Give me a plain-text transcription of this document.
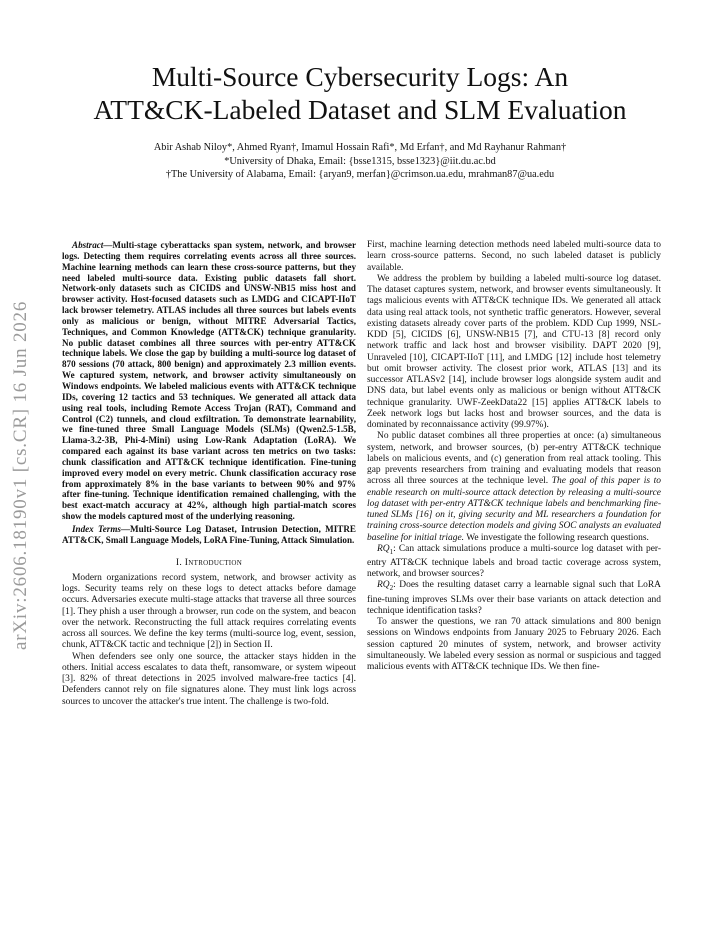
arXiv:2606.18190v1 [cs.CR] 16 Jun 2026
Multi-Source Cybersecurity Logs: An
ATT&CK-Labeled Dataset and SLM Evaluation
Abir Ashab Niloy*, Ahmed Ryan†, Imamul Hossain Rafi*, Md Erfan†, and Md Rayhanur Rahman†
*University of Dhaka, Email: {bsse1315, bsse1323}@iit.du.ac.bd
†The University of Alabama, Email: {aryan9, merfan}@crimson.ua.edu, mrahman87@ua.edu

Abstract—Multi-stage cyberattacks span system, network, and browser logs. Detecting them requires correlating events across all three sources. Machine learning methods can learn these cross-source patterns, but they need labeled multi-source data. Existing public datasets fall short. Network-only datasets such as CICIDS and UNSW-NB15 miss host and browser activity. Host-focused datasets such as LMDG and CICAPT-IIoT lack browser telemetry. ATLAS includes all three sources but labels events only as malicious or benign, without MITRE Adversarial Tactics, Techniques, and Common Knowledge (ATT&CK) technique granularity. No public dataset combines all three sources with per-entry ATT&CK technique labels. We close the gap by building a multi-source log dataset of 870 sessions (70 attack, 800 benign) and approximately 2.3 million events. We captured system, network, and browser activity simultaneously on Windows endpoints. We labeled malicious events with ATT&CK technique IDs, covering 12 tactics and 53 techniques. We generated all attack data using real tools, including Remote Access Trojan (RAT), Command and Control (C2) tunnels, and cloud exfiltration. To demonstrate learnability, we fine-tuned three Small Language Models (SLMs) (Qwen2.5-1.5B, Llama-3.2-3B, Phi-4-Mini) using Low-Rank Adaptation (LoRA). We compared each against its base variant across ten metrics on two tasks: chunk classification and ATT&CK technique identification. Fine-tuning improved every model on every metric. Chunk classification accuracy rose from approximately 8% in the base variants to between 90% and 97% after fine-tuning. Technique identification remained challenging, with the best exact-match accuracy at 42%, although high partial-match scores show the models captured most of the underlying reasoning.

Index Terms—Multi-Source Log Dataset, Intrusion Detection, MITRE ATT&CK, Small Language Models, LoRA Fine-Tuning, Attack Simulation.

I. Introduction

Modern organizations record system, network, and browser activity as logs. Security teams rely on these logs to detect attacks before damage occurs. Adversaries execute multi-stage attacks that traverse all three sources [1]. They phish a user through a browser, run code on the system, and beacon over the network. Reconstructing the full attack requires correlating events across all sources. We define the key terms (multi-source log, event, session, chunk, ATT&CK tactic and technique [2]) in Section II.

When defenders see only one source, the attacker stays hidden in the others. Initial access escalates to data theft, ransomware, or system wipeout [3]. 82% of threat detections in 2025 involved malware-free tactics [4]. Defenders cannot rely on file signatures alone. They must link logs across sources to uncover the attacker's true intent. The challenge is two-fold.

First, machine learning detection methods need labeled multi-source data to learn cross-source patterns. Second, no such labeled dataset is publicly available.

We address the problem by building a labeled multi-source log dataset. The dataset captures system, network, and browser events simultaneously. It tags malicious events with ATT&CK technique IDs. We generated all attack data using real attack tools, not synthetic traffic generators. However, several existing datasets already cover parts of the problem. KDD Cup 1999, NSL-KDD [5], CICIDS [6], UNSW-NB15 [7], and CTU-13 [8] record only network traffic and lack host and browser visibility. DAPT 2020 [9], Unraveled [10], CICAPT-IIoT [11], and LMDG [12] include host telemetry but omit browser activity. The closest prior work, ATLAS [13] and its successor ATLASv2 [14], include browser logs alongside system audit and DNS data, but label events only as malicious or benign without ATT&CK technique granularity. UWF-ZeekData22 [15] applies ATT&CK labels to Zeek network logs but lacks host and browser sources, and the data is dominated by reconnaissance activity (99.97%).

No public dataset combines all three properties at once: (a) simultaneous system, network, and browser sources, (b) per-entry ATT&CK technique labels on malicious events, and (c) generation from real attack tooling. This gap prevents researchers from training and evaluating models that reason across all three sources at the technique level. The goal of this paper is to enable research on multi-source attack detection by releasing a multi-source log dataset with per-entry ATT&CK technique labels and benchmarking fine-tuned SLMs [16] on it, giving security and ML researchers a foundation for training cross-source detection models and giving SOC analysts an evaluated baseline for initial triage. We investigate the following research questions.

$RQ_1$: Can attack simulations produce a multi-source log dataset with per-entry ATT&CK technique labels and broad tactic coverage across system, network, and browser sources?

$RQ_2$: Does the resulting dataset carry a learnable signal such that LoRA fine-tuning improves SLMs over their base variants on attack detection and technique identification tasks?

To answer the questions, we ran 70 attack simulations and 800 benign sessions on Windows endpoints from January 2025 to February 2026. Each session captured 20 minutes of system, network, and browser activity simultaneously. We labeled every session as normal or suspicious and tagged malicious events with ATT&CK technique IDs. We then fine-
